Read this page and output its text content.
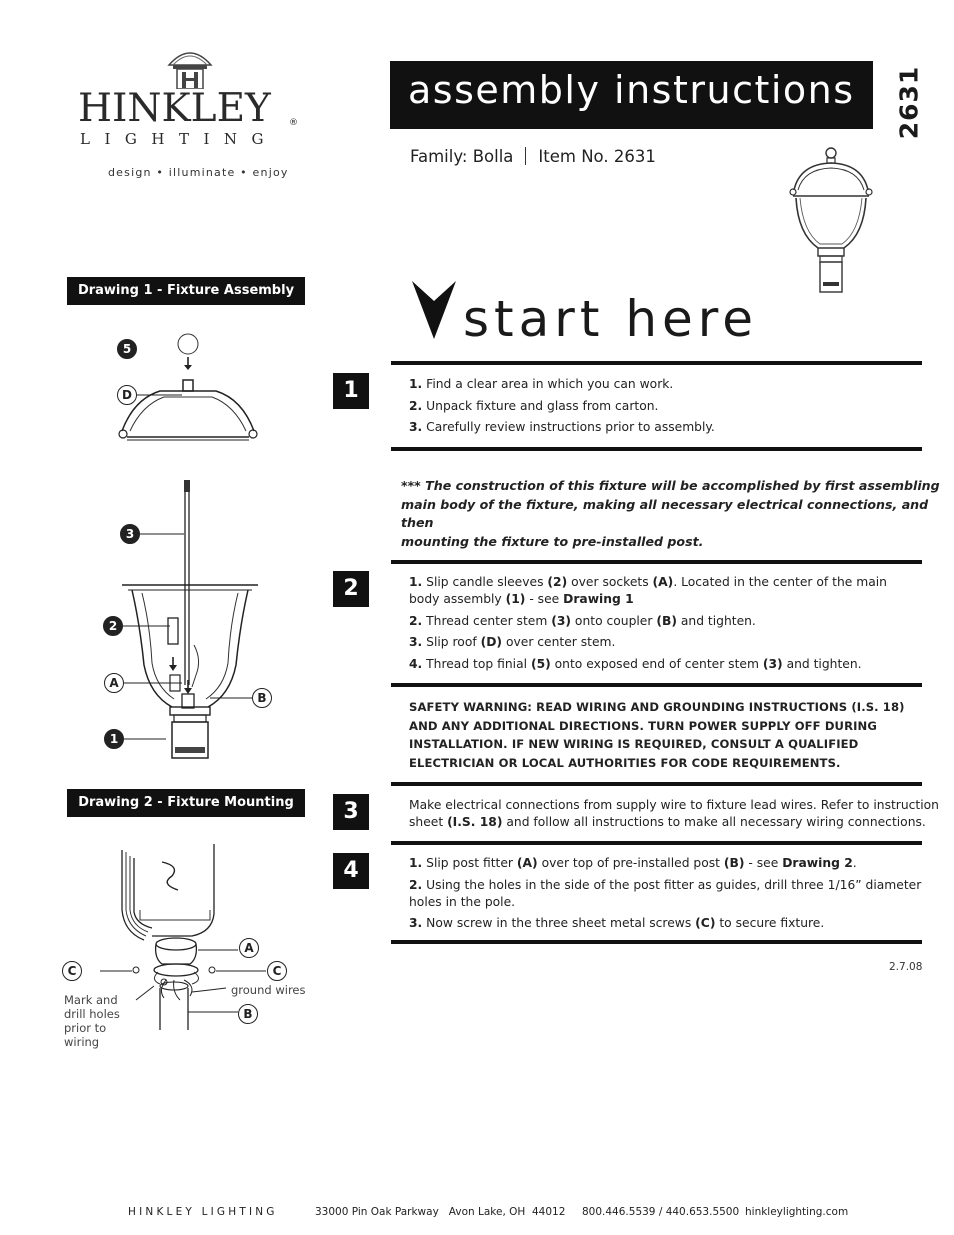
HINKLEY ®
LIGHTING
design • illuminate • enjoy
assembly instructions 2631
Family: Bolla Item No. 2631
start here
Drawing 1 - Fixture Assembly
5
D
3
2
A
B
1
Drawing 2 - Fixture Mounting
A
C	C
B
ground wires
Mark and
drill holes
prior to
wiring
1	1. Find a clear area in which you can work.
2. Unpack fixture and glass from carton.
3. Carefully review instructions prior to assembly.
*** The construction of this fixture will be accomplished by first assembling
main body of the fixture, making all necessary electrical connections, and then
mounting the fixture to pre-installed post.
2	1. Slip candle sleeves (2) over sockets (A). Located in the center of the main
body assembly (1) - see Drawing 1
2. Thread center stem (3) onto coupler (B) and tighten.
3. Slip roof (D) over center stem.
4. Thread top finial (5) onto exposed end of center stem (3) and tighten.
SAFETY WARNING: READ WIRING AND GROUNDING INSTRUCTIONS (I.S. 18)
AND ANY ADDITIONAL DIRECTIONS. TURN POWER SUPPLY OFF DURING
INSTALLATION. IF NEW WIRING IS REQUIRED, CONSULT A QUALIFIED
ELECTRICIAN OR LOCAL AUTHORITIES FOR CODE REQUIREMENTS.
3	Make electrical connections from supply wire to fixture lead wires. Refer to instruction
sheet (I.S. 18) and follow all instructions to make all necessary wiring connections.
4	1. Slip post fitter (A) over top of pre-installed post (B) - see Drawing 2.
2. Using the holes in the side of the post fitter as guides, drill three 1/16” diameter
holes in the pole.
3. Now screw in the three sheet metal screws (C) to secure fixture.
2.7.08
HINKLEY LIGHTING	33000 Pin Oak Parkway   Avon Lake, OH  44012 800.446.5539 / 440.653.5500 hinkleylighting.com
